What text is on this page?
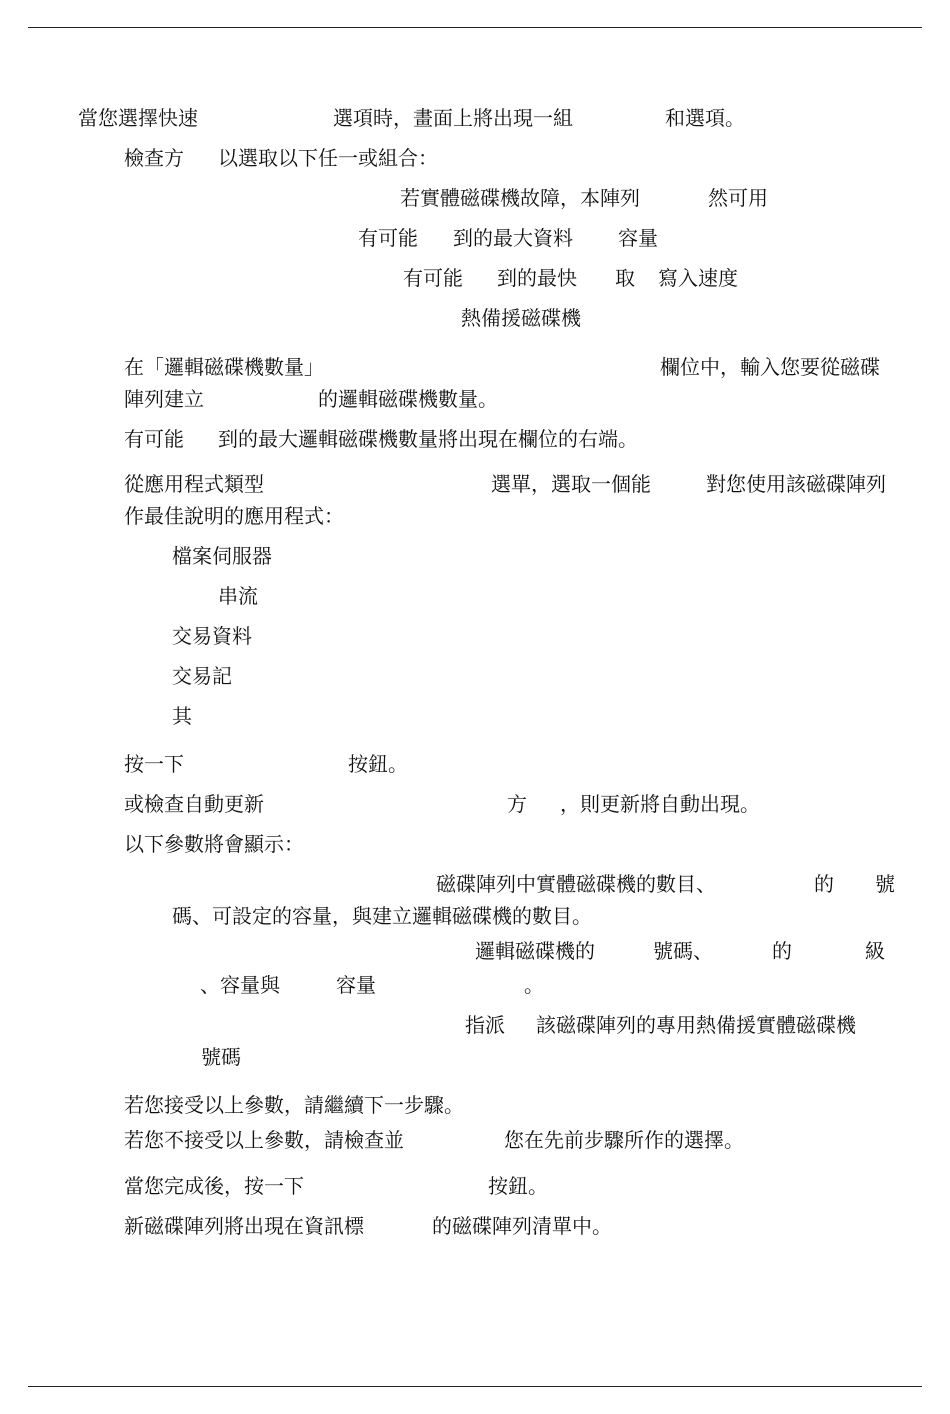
當您選擇快速	選項時，畫面上將出現一組	和選項。
檢查方 以選取以下任一或組合：
若實體磁碟機故障，本陣列	然可用
有可能 到的最大資料 容量
有可能 到的最快 取 寫入速度
熱備援磁碟機
在「邏輯磁碟機數量」	欄位中，輸入您要從磁碟
陣列建立	的邏輯磁碟機數量。
有可能 到的最大邏輯磁碟機數量將出現在欄位的右端。
從應用程式類型	選單，選取一個能	對您使用該磁碟陣列
作最佳說明的應用程式：
檔案伺服器
串流
交易資料
交易記
其
按一下	按鈕。
或檢查自動更新	方 ，則更新將自動出現。
以下參數將會顯示：
磁碟陣列中實體磁碟機的數目、	的 號
碼、可設定的容量，與建立邏輯磁碟機的數目。
邏輯磁碟機的	號碼、	的	級
、容量與	容量	。
指派 該磁碟陣列的專用熱備援實體磁碟機
號碼
若您接受以上參數，請繼續下一步驟。
若您不接受以上參數，請檢查並	您在先前步驟所作的選擇。
當您完成後，按一下	按鈕。
新磁碟陣列將出現在資訊標	的磁碟陣列清單中。
